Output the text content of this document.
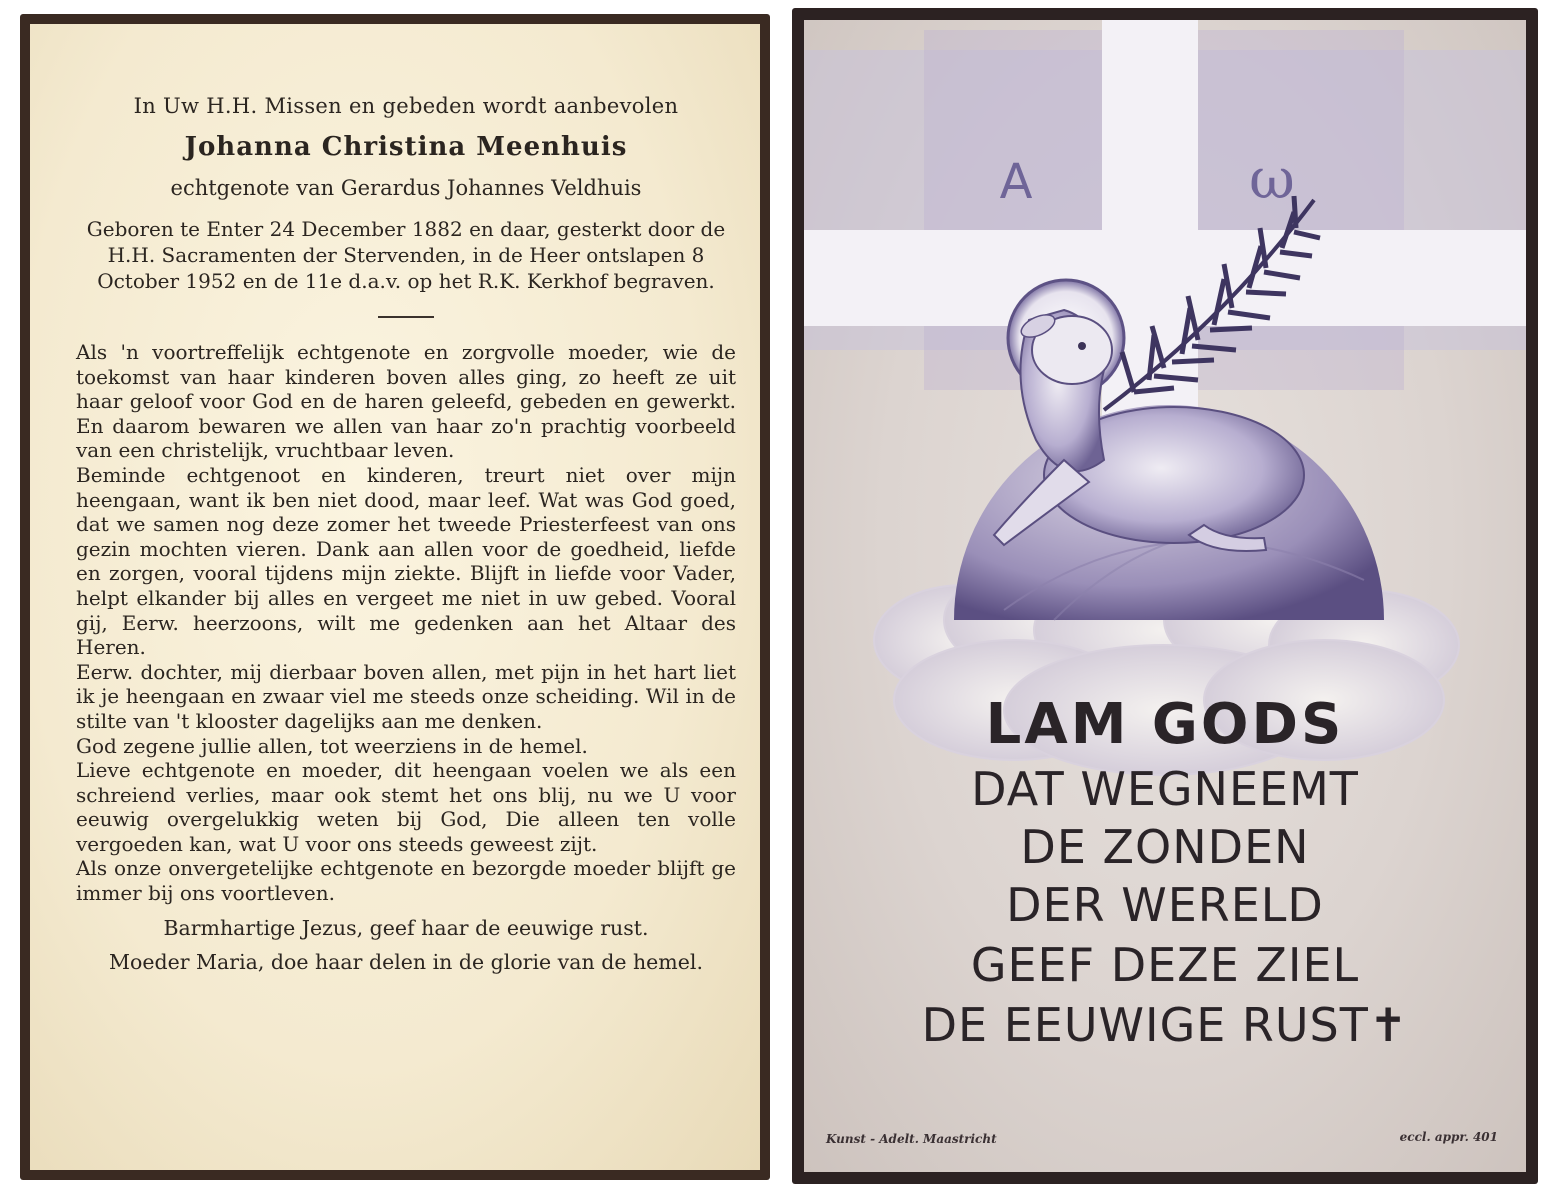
In Uw H.H. Missen en gebeden wordt aanbevolen

Johanna Christina Meenhuis

echtgenote van Gerardus Johannes Veldhuis

Geboren te Enter 24 December 1882 en daar, gesterkt door de H.H. Sacramenten der Stervenden, in de Heer ontslapen 8 October 1952 en de 11e d.a.v. op het R.K. Kerkhof begraven.

Als 'n voortreffelijk echtgenote en zorgvolle moeder, wie de toekomst van haar kinderen boven alles ging, zo heeft ze uit haar geloof voor God en de haren geleefd, gebeden en gewerkt. En daarom bewaren we allen van haar zo'n prachtig voorbeeld van een christelijk, vruchtbaar leven.

Beminde echtgenoot en kinderen, treurt niet over mijn heengaan, want ik ben niet dood, maar leef. Wat was God goed, dat we samen nog deze zomer het tweede Priesterfeest van ons gezin mochten vieren. Dank aan allen voor de goedheid, liefde en zorgen, vooral tijdens mijn ziekte. Blijft in liefde voor Vader, helpt elkander bij alles en vergeet me niet in uw gebed. Vooral gij, Eerw. heerzoons, wilt me gedenken aan het Altaar des Heren.

Eerw. dochter, mij dierbaar boven allen, met pijn in het hart liet ik je heengaan en zwaar viel me steeds onze scheiding. Wil in de stilte van 't klooster dagelijks aan me denken.

God zegene jullie allen, tot weerziens in de hemel.

Lieve echtgenote en moeder, dit heengaan voelen we als een schreiend verlies, maar ook stemt het ons blij, nu we U voor eeuwig overgelukkig weten bij God, Die alleen ten volle vergoeden kan, wat U voor ons steeds geweest zijt.

Als onze onvergetelijke echtgenote en bezorgde moeder blijft ge immer bij ons voortleven.

Barmhartige Jezus, geef haar de eeuwige rust.

Moeder Maria, doe haar delen in de glorie van de hemel.

A	ω
LAM GODS
DAT WEGNEEMT
DE ZONDEN
DER WERELD
GEEF DEZE ZIEL
DE EEUWIGE RUST✝
Kunst - Adelt. Maastricht	eccl. appr. 401
